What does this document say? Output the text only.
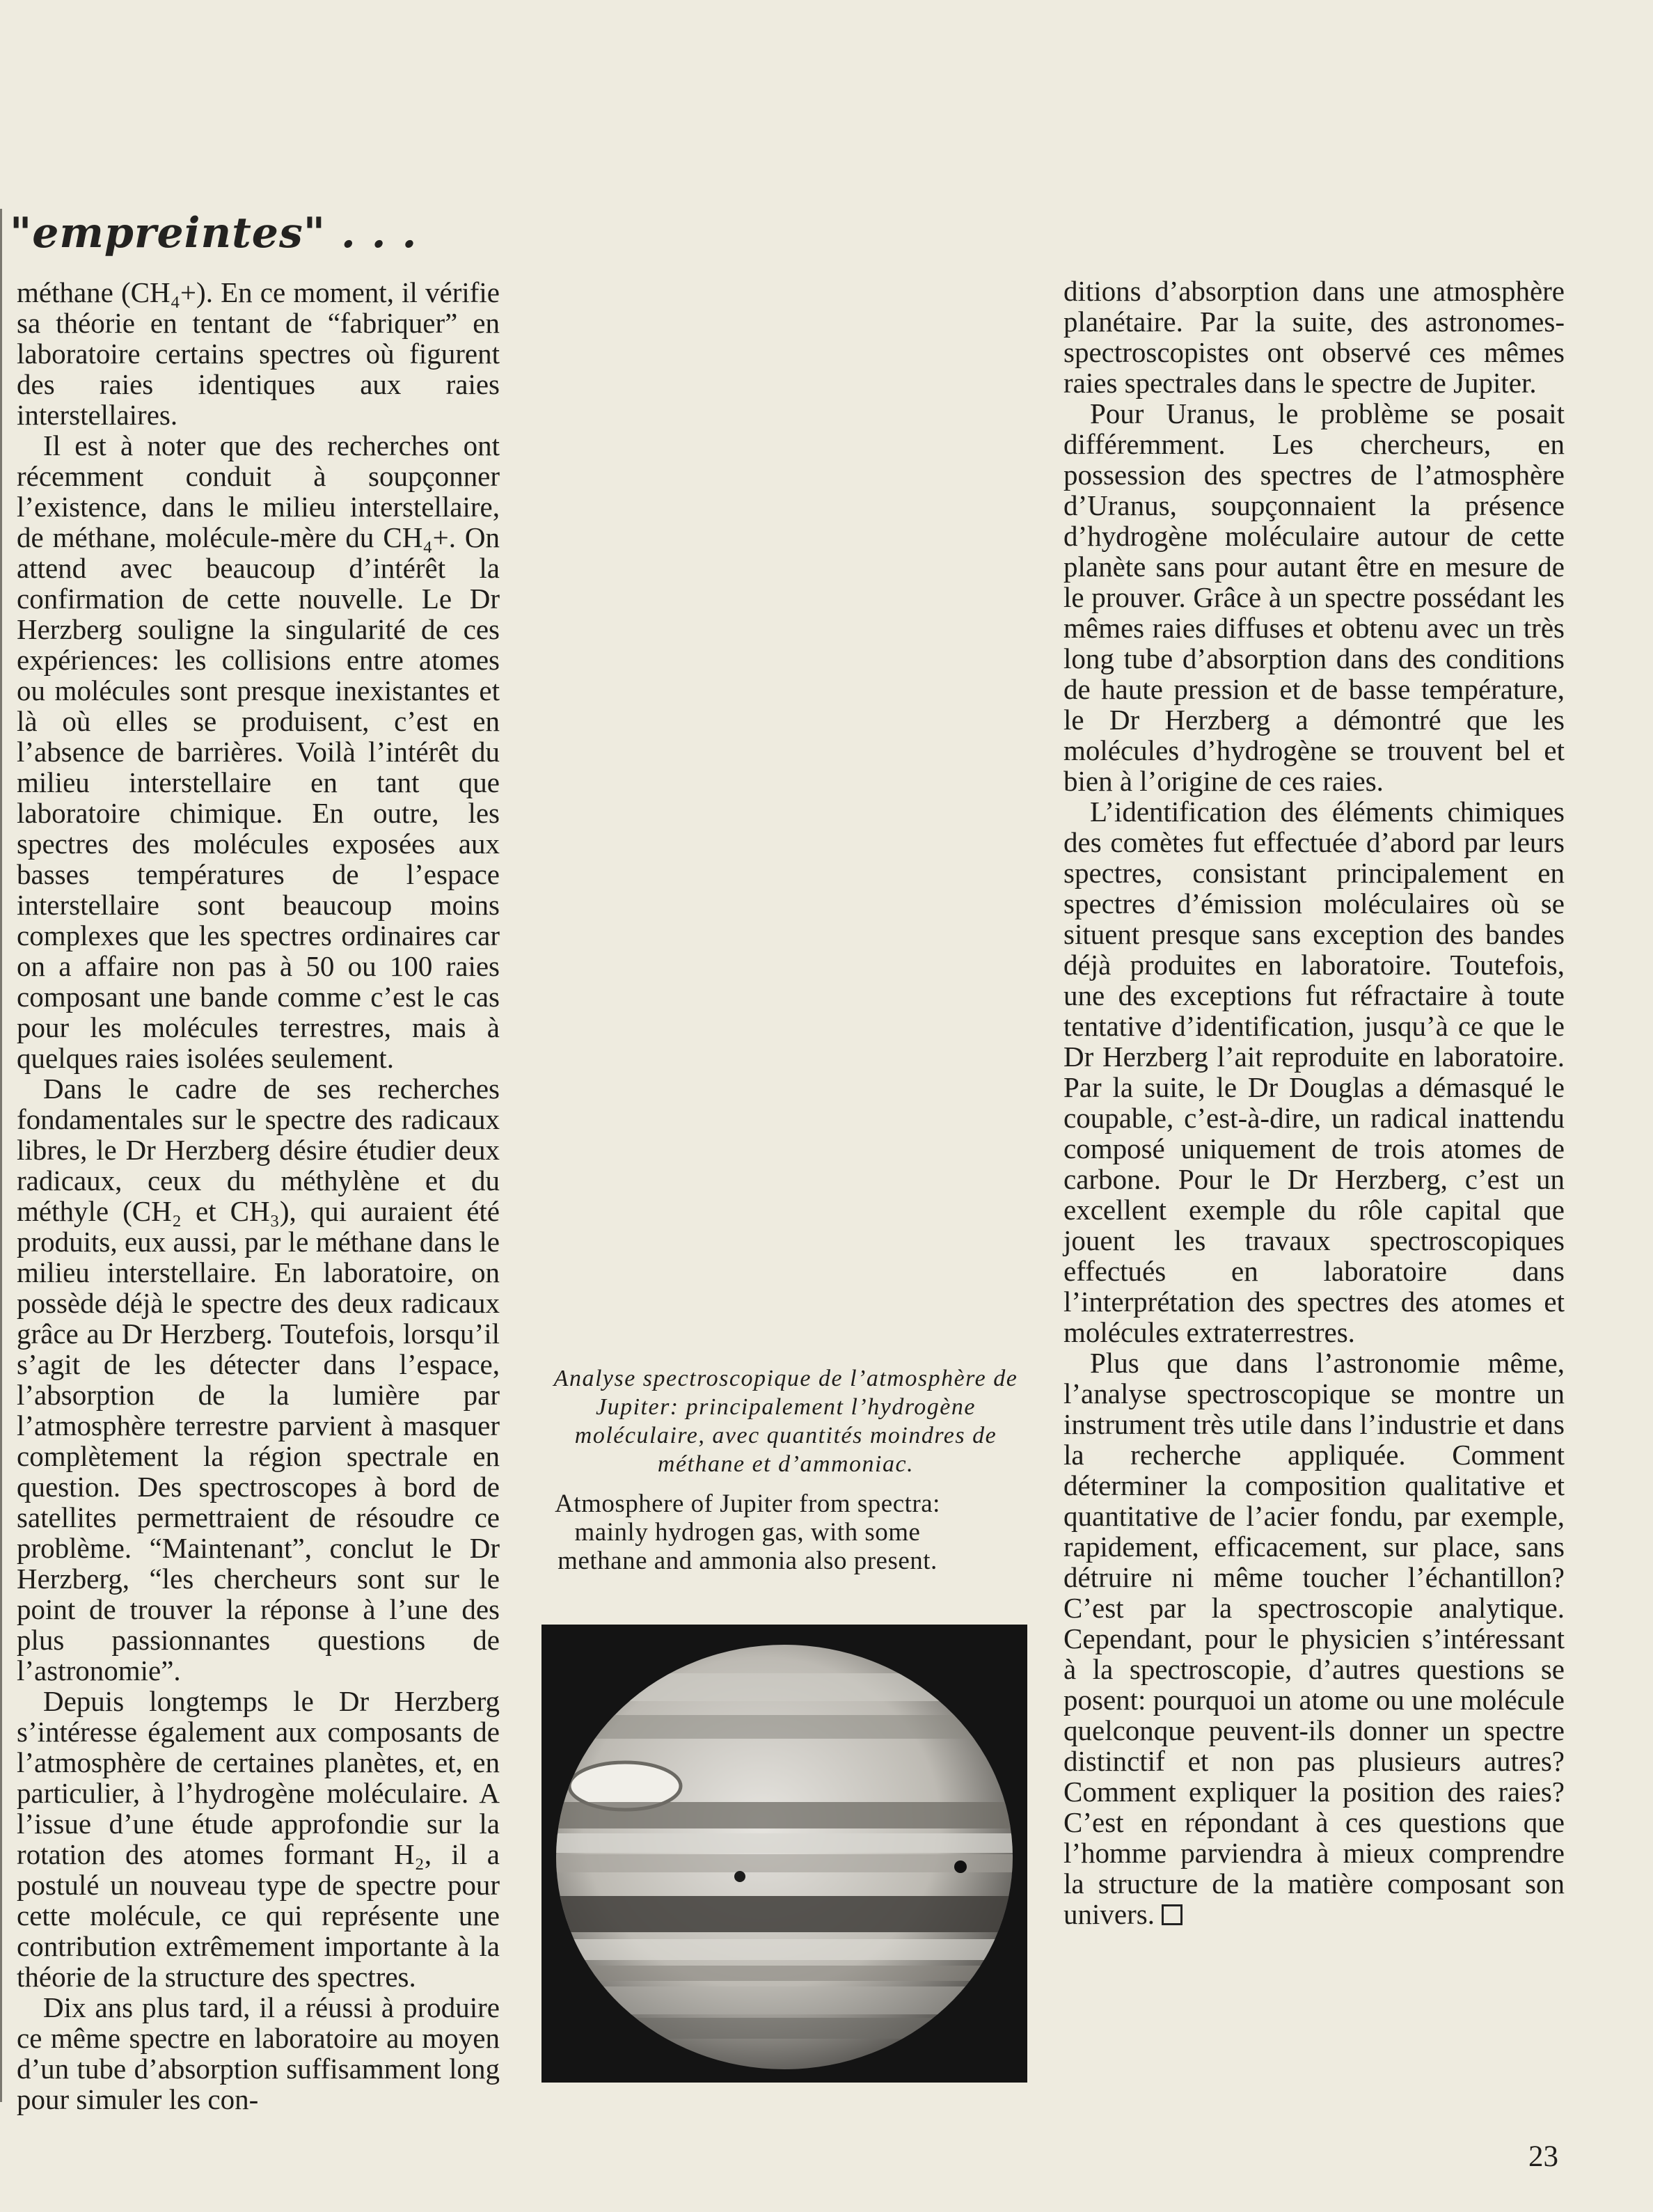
"empreintes" . . .

méthane (CH₄+). En ce moment, il vérifie sa théorie en tentant de “fabriquer” en laboratoire certains spectres où figurent des raies identiques aux raies interstellaires.

Il est à noter que des recherches ont récemment conduit à soupçonner l’existence, dans le milieu interstellaire, de méthane, molécule-mère du CH₄+. On attend avec beaucoup d’intérêt la confirmation de cette nouvelle. Le Dr Herzberg souligne la singularité de ces expériences: les collisions entre atomes ou molécules sont presque inexistantes et là où elles se produisent, c’est en l’absence de barrières. Voilà l’intérêt du milieu interstellaire en tant que laboratoire chimique. En outre, les spectres des molécules exposées aux basses températures de l’espace interstellaire sont beaucoup moins complexes que les spectres ordinaires car on a affaire non pas à 50 ou 100 raies composant une bande comme c’est le cas pour les molécules terrestres, mais à quelques raies isolées seulement.

Dans le cadre de ses recherches fondamentales sur le spectre des radicaux libres, le Dr Herzberg désire étudier deux radicaux, ceux du méthylène et du méthyle (CH₂ et CH₃), qui auraient été produits, eux aussi, par le méthane dans le milieu interstellaire. En laboratoire, on possède déjà le spectre des deux radicaux grâce au Dr Herzberg. Toutefois, lorsqu’il s’agit de les détecter dans l’espace, l’absorption de la lumière par l’atmosphère terrestre parvient à masquer complètement la région spectrale en question. Des spectroscopes à bord de satellites permettraient de résoudre ce problème. “Maintenant”, conclut le Dr Herzberg, “les chercheurs sont sur le point de trouver la réponse à l’une des plus passionnantes questions de l’astronomie”.

Depuis longtemps le Dr Herzberg s’intéresse également aux composants de l’atmosphère de certaines planètes, et, en particulier, à l’hydrogène moléculaire. A l’issue d’une étude approfondie sur la rotation des atomes formant H₂, il a postulé un nouveau type de spectre pour cette molécule, ce qui représente une contribution extrêmement importante à la théorie de la structure des spectres.

Dix ans plus tard, il a réussi à produire ce même spectre en laboratoire au moyen d’un tube d’absorption suffisamment long pour simuler les con-

Analyse spectroscopique de l’atmosphère de Jupiter: principalement l’hydrogène moléculaire, avec quantités moindres de méthane et d’ammoniac.
Atmosphere of Jupiter from spectra: mainly hydrogen gas, with some methane and ammonia also present.

ditions d’absorption dans une atmosphère planétaire. Par la suite, des astronomes-spectroscopistes ont observé ces mêmes raies spectrales dans le spectre de Jupiter.

Pour Uranus, le problème se posait différemment. Les chercheurs, en possession des spectres de l’atmosphère d’Uranus, soupçonnaient la présence d’hydrogène moléculaire autour de cette planète sans pour autant être en mesure de le prouver. Grâce à un spectre possédant les mêmes raies diffuses et obtenu avec un très long tube d’absorption dans des conditions de haute pression et de basse température, le Dr Herzberg a démontré que les molécules d’hydrogène se trouvent bel et bien à l’origine de ces raies.

L’identification des éléments chimiques des comètes fut effectuée d’abord par leurs spectres, consistant principalement en spectres d’émission moléculaires où se situent presque sans exception des bandes déjà produites en laboratoire. Toutefois, une des exceptions fut réfractaire à toute tentative d’identification, jusqu’à ce que le Dr Herzberg l’ait reproduite en laboratoire. Par la suite, le Dr Douglas a démasqué le coupable, c’est-à-dire, un radical inattendu composé uniquement de trois atomes de carbone. Pour le Dr Herzberg, c’est un excellent exemple du rôle capital que jouent les travaux spectroscopiques effectués en laboratoire dans l’interprétation des spectres des atomes et molécules extraterrestres.

Plus que dans l’astronomie même, l’analyse spectroscopique se montre un instrument très utile dans l’industrie et dans la recherche appliquée. Comment déterminer la composition qualitative et quantitative de l’acier fondu, par exemple, rapidement, efficacement, sur place, sans détruire ni même toucher l’échantillon? C’est par la spectroscopie analytique. Cependant, pour le physicien s’intéressant à la spectroscopie, d’autres questions se posent: pourquoi un atome ou une molécule quelconque peuvent-ils donner un spectre distinctif et non pas plusieurs autres? Comment expliquer la position des raies? C’est en répondant à ces questions que l’homme parviendra à mieux comprendre la structure de la matière composant son univers.

23
